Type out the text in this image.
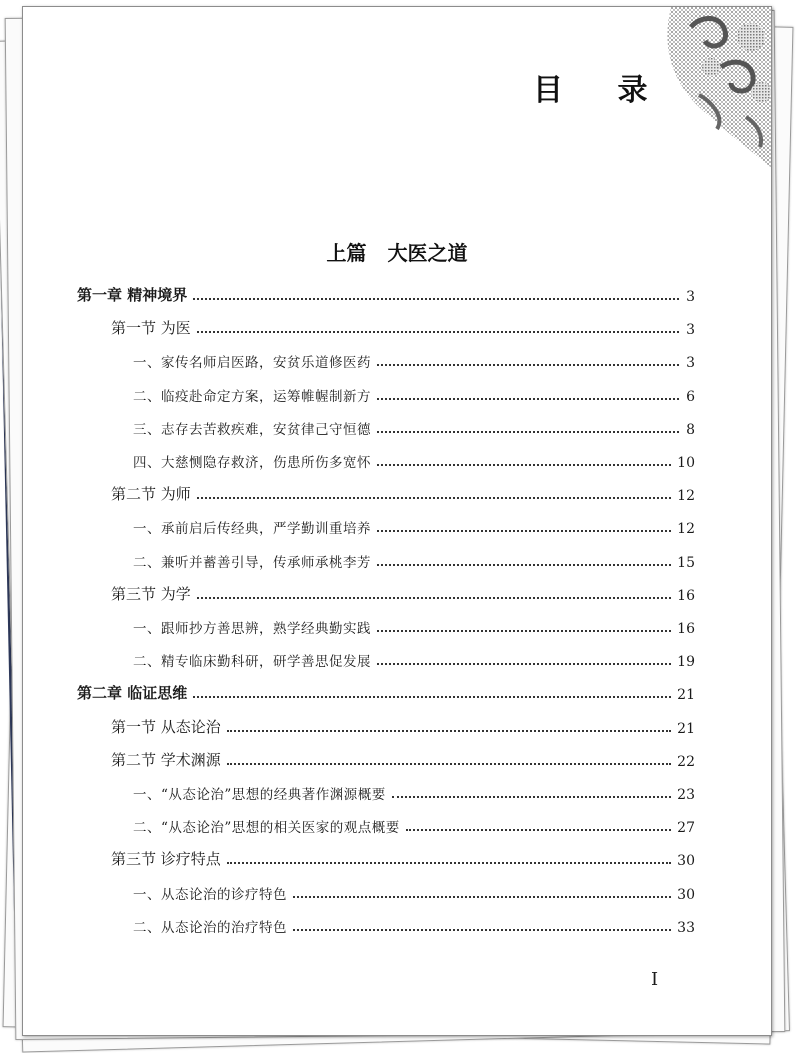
目 录
上篇 大医之道
第一章 精神境界	3
第一节 为医	3
一、家传名师启医路，安贫乐道修医药	3
二、临疫赴命定方案，运筹帷幄制新方	6
三、志存去苦救疾难，安贫律己守恒德	8
四、大慈恻隐存救济，伤患所伤多宽怀	10
第二节 为师	12
一、承前启后传经典，严学勤训重培养	12
二、兼听并蓄善引导，传承师承桃李芳	15
第三节 为学	16
一、跟师抄方善思辨，熟学经典勤实践	16
二、精专临床勤科研，研学善思促发展	19
第二章 临证思维	21
第一节 从态论治	21
第二节 学术渊源	22
一、“从态论治”思想的经典著作渊源概要	23
二、“从态论治”思想的相关医家的观点概要	27
第三节 诊疗特点	30
一、从态论治的诊疗特色	30
二、从态论治的治疗特色	33
I
